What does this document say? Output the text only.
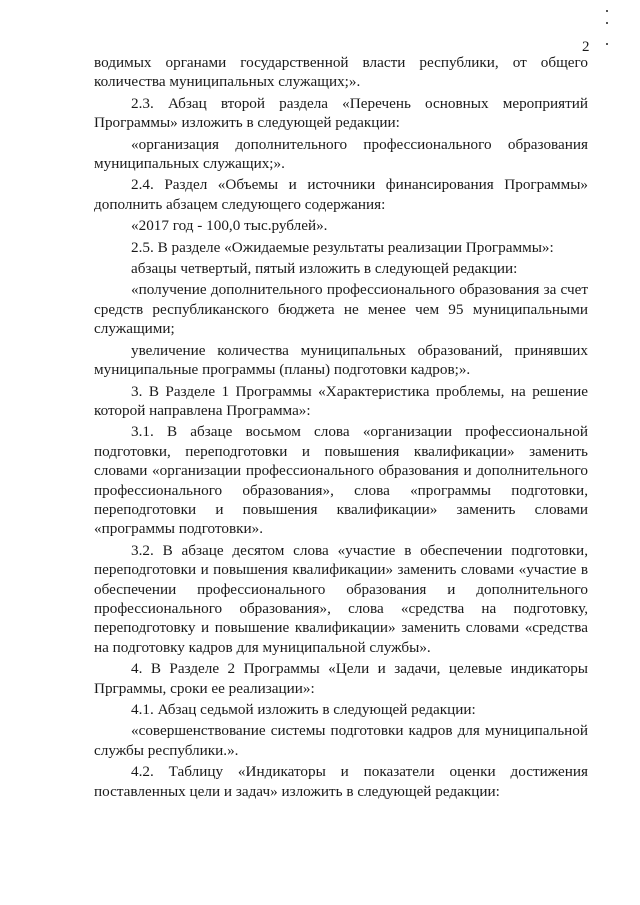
2

водимых органами государственной власти республики, от общего количества муниципальных служащих;».

2.3. Абзац второй раздела «Перечень основных мероприятий Программы» изложить в следующей редакции:

«организация дополнительного профессионального образования муниципальных служащих;».

2.4. Раздел «Объемы и источники финансирования Программы» дополнить абзацем следующего содержания:

«2017 год - 100,0 тыс.рублей».

2.5. В разделе «Ожидаемые результаты реализации Программы»:

абзацы четвертый, пятый изложить в следующей редакции:

«получение дополнительного профессионального образования за счет средств республиканского бюджета не менее чем 95 муниципальными служащими;

увеличение количества муниципальных образований, принявших муниципальные программы (планы) подготовки кадров;».

3. В Разделе 1 Программы «Характеристика проблемы, на решение которой направлена Программа»:

3.1. В абзаце восьмом слова «организации профессиональной подготовки, переподготовки и повышения квалификации» заменить словами «организации профессионального образования и дополнительного профессионального образования», слова «программы подготовки, переподготовки и повышения квалификации» заменить словами «программы подготовки».

3.2. В абзаце десятом слова «участие в обеспечении подготовки, переподготовки и повышения квалификации» заменить словами «участие в обеспечении профессионального образования и дополнительного профессионального образования», слова «средства на подготовку, переподготовку и повышение квалификации» заменить словами «средства на подготовку кадров для муниципальной службы».

4. В Разделе 2 Программы «Цели и задачи, целевые индикаторы Прграммы, сроки ее реализации»:

4.1. Абзац седьмой изложить в следующей редакции:

«совершенствование системы подготовки кадров для муниципальной службы республики.».

4.2. Таблицу «Индикаторы и показатели оценки достижения поставленных цели и задач» изложить в следующей редакции:
